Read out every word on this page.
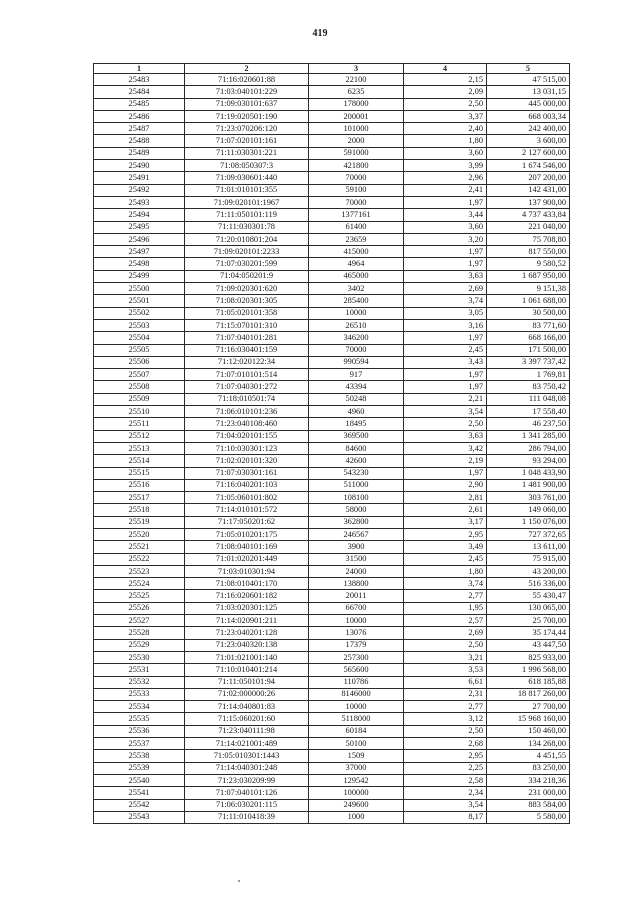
419
1	2	3	4	5
25483	71:16:020601:88	22100	2,15	47 515,00
25484	71:03:040101:229	6235	2,09	13 031,15
25485	71:09:030101:637	178000	2,50	445 000,00
25486	71:19:020501:190	200001	3,37	668 003,34
25487	71:23:070206:120	101000	2,40	242 400,00
25488	71:07:020101:161	2000	1,80	3 600,00
25489	71:11:030301:221	591000	3,60	2 127 600,00
25490	71:08:050307:3	421800	3,99	1 674 546,00
25491	71:09:030601:440	70000	2,96	207 200,00
25492	71:01:010101:355	59100	2,41	142 431,00
25493	71:09:020101:1967	70000	1,97	137 900,00
25494	71:11:050101:119	1377161	3,44	4 737 433,84
25495	71:11:030301:78	61400	3,60	221 040,00
25496	71:20:010801:204	23659	3,20	75 708,80
25497	71:09:020101:2233	415000	1,97	817 550,00
25498	71:07:030201:599	4964	1,97	9 580,52
25499	71:04:050201:9	465000	3,63	1 687 950,00
25500	71:09:020301:620	3402	2,69	9 151,38
25501	71:08:020301:305	285400	3,74	1 061 688,00
25502	71:05:020101:358	10000	3,05	30 500,00
25503	71:15:070101:310	26510	3,16	83 771,60
25504	71:07:040101:281	346200	1,97	668 166,00
25505	71:16:030401:159	70000	2,45	171 500,00
25506	71:12:020122:34	990594	3,43	3 397 737,42
25507	71:07:010101:514	917	1,97	1 769,81
25508	71:07:040301:272	43394	1,97	83 750,42
25509	71:18:010501:74	50248	2,21	111 048,08
25510	71:06:010101:236	4960	3,54	17 558,40
25511	71:23:040108:460	18495	2,50	46 237,50
25512	71:04:020101:155	369500	3,63	1 341 285,00
25513	71:10:030301:123	84600	3,42	286 794,00
25514	71:02:020101:320	42600	2,19	93 294,00
25515	71:07:030301:161	543230	1,97	1 048 433,90
25516	71:16:040201:103	511000	2,90	1 481 900,00
25517	71:05:060101:802	108100	2,81	303 761,00
25518	71:14:010101:572	58000	2,61	149 060,00
25519	71:17:050201:62	362800	3,17	1 150 076,00
25520	71:05:010201:175	246567	2,95	727 372,65
25521	71:08:040101:169	3900	3,49	13 611,00
25522	71:01:020201:449	31500	2,45	75 915,00
25523	71:03:010301:94	24000	1,80	43 200,00
25524	71:08:010401:170	138800	3,74	516 336,00
25525	71:16:020601:182	20011	2,77	55 430,47
25526	71:03:020301:125	66700	1,95	130 065,00
25527	71:14:020901:211	10000	2,57	25 700,00
25528	71:23:040201:128	13076	2,69	35 174,44
25529	71:23:040320:138	17379	2,50	43 447,50
25530	71:01:021001:140	257300	3,21	825 933,00
25531	71:10:010401:214	565600	3,53	1 996 568,00
25532	71:11:050101:94	110786	6,61	618 185,88
25533	71:02:000000:26	8146000	2,31	18 817 260,00
25534	71:14:040801:83	10000	2,77	27 700,00
25535	71:15:060201:60	5118000	3,12	15 968 160,00
25536	71:23:040111:98	60184	2,50	150 460,00
25537	71:14:021001:489	50100	2,68	134 268,00
25538	71:05:010301:1443	1509	2,95	4 451,55
25539	71:14:040301:248	37000	2,25	83 250,00
25540	71:23:030209:99	129542	2,58	334 218,36
25541	71:07:040101:126	100000	2,34	231 000,00
25542	71:06:030201:115	249600	3,54	883 584,00
25543	71:11:010418:39	1000	8,17	5 580,00
